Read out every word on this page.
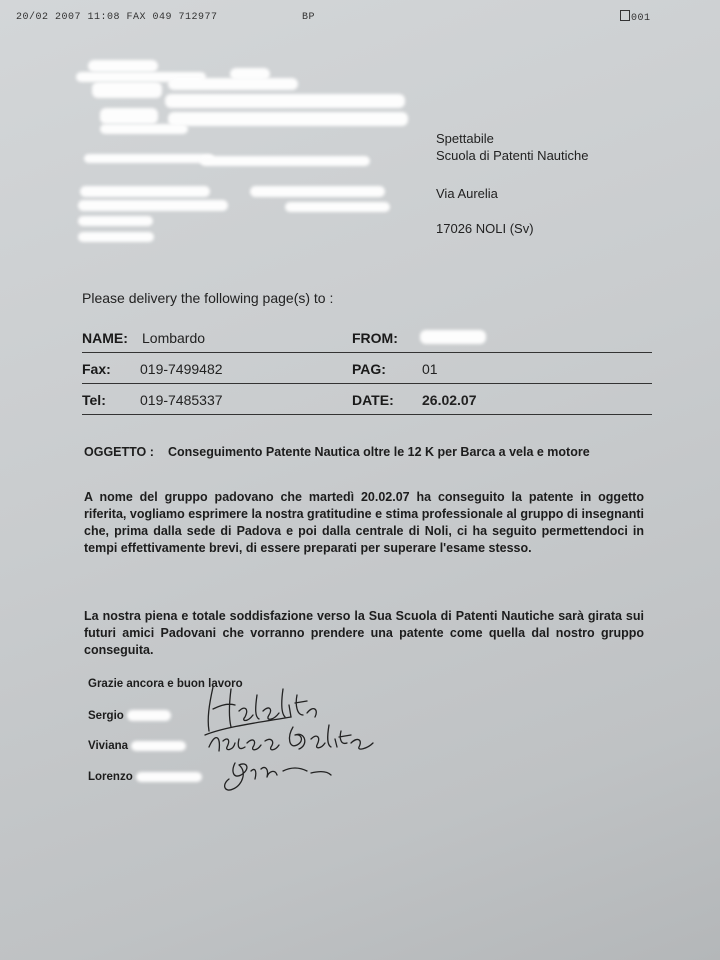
20/02 2007 11:08 FAX 049 712977	BP	001
Spettabile
Scuola di Patenti Nautiche
Via Aurelia
17026 NOLI (Sv)
Please delivery the following page(s) to :
NAME: Lombardo	FROM:
Fax: 019-7499482	PAG:	01
Tel: 019-7485337	DATE: 26.02.07
OGGETTO :	Conseguimento Patente Nautica oltre le 12 K per Barca a vela e motore
A nome del gruppo padovano che martedì 20.02.07 ha conseguito la patente in oggetto riferita, vogliamo esprimere la nostra gratitudine e stima professionale al gruppo di insegnanti che, prima dalla sede di Padova e poi dalla centrale di Noli, ci ha seguito permettendoci in tempi effettivamente brevi, di essere preparati per superare l'esame stesso.
La nostra piena e totale soddisfazione verso la Sua Scuola di Patenti Nautiche sarà girata sui futuri amici Padovani che vorranno prendere una patente come quella dal nostro gruppo conseguita.
Grazie ancora e buon lavoro
Sergio
Viviana
Lorenzo
